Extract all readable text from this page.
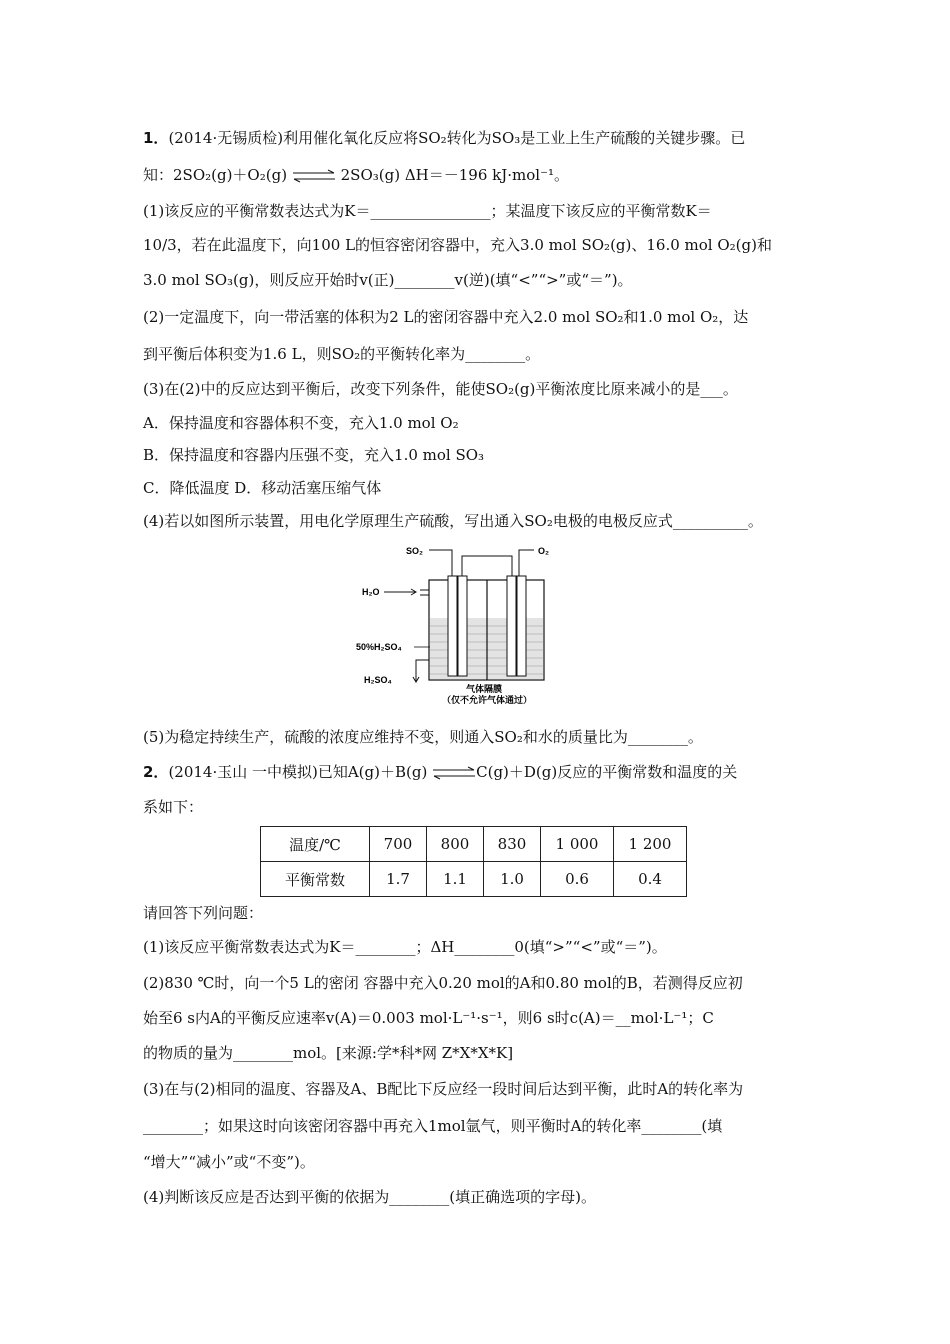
1．(2014·无锡质检)利用催化氧化反应将SO₂转化为SO₃是工业上生产硫酸的关键步骤。已
知：2SO₂(g)＋O₂(g) ⇌ 2SO₃(g) ΔH＝－196 kJ·mol⁻¹。
(1)该反应的平衡常数表达式为K＝________________；某温度下该反应的平衡常数K＝
10/3，若在此温度下，向100 L的恒容密闭容器中，充入3.0 mol SO₂(g)、16.0 mol O₂(g)和
3.0 mol SO₃(g)，则反应开始时v(正)________v(逆)(填“<”“>”或“＝”)。
(2)一定温度下，向一带活塞的体积为2 L的密闭容器中充入2.0 mol SO₂和1.0 mol O₂，达
到平衡后体积变为1.6 L，则SO₂的平衡转化率为________。
(3)在(2)中的反应达到平衡后，改变下列条件，能使SO₂(g)平衡浓度比原来减小的是___。
A．保持温度和容器体积不变，充入1.0 mol O₂
B．保持温度和容器内压强不变，充入1.0 mol SO₃
C．降低温度 D．移动活塞压缩气体
(4)若以如图所示装置，用电化学原理生产硫酸，写出通入SO₂电极的电极反应式__________。
SO₂	O₂
H₂O
50%H₂SO₄
H₂SO₄
气体隔膜
（仅不允许气体通过）
(5)为稳定持续生产，硫酸的浓度应维持不变，则通入SO₂和水的质量比为________。
2．(2014·玉山 一中模拟)已知A(g)＋B(g) ⇌C(g)＋D(g)反应的平衡常数和温度的关
系如下：
温度/℃	700	800	830	1 000	1 200
平衡常数	1.7	1.1	1.0	0.6	0.4
请回答下列问题：
(1)该反应平衡常数表达式为K＝________；ΔH________0(填“>”“<”或“＝”)。
(2)830 ℃时，向一个5 L的密闭 容器中充入0.20 mol的A和0.80 mol的B，若测得反应初
始至6 s内A的平衡反应速率v(A)＝0.003 mol·L⁻¹·s⁻¹，则6 s时c(A)＝__mol·L⁻¹；C
的物质的量为________mol。[来源:学*科*网 Z*X*X*K]
(3)在与(2)相同的温度、容器及A、B配比下反应经一段时间后达到平衡，此时A的转化率为
________；如果这时向该密闭容器中再充入1mol氩气，则平衡时A的转化率________(填
“增大”“减小”或“不变”)。
(4)判断该反应是否达到平衡的依据为________(填正确选项的字母)。
